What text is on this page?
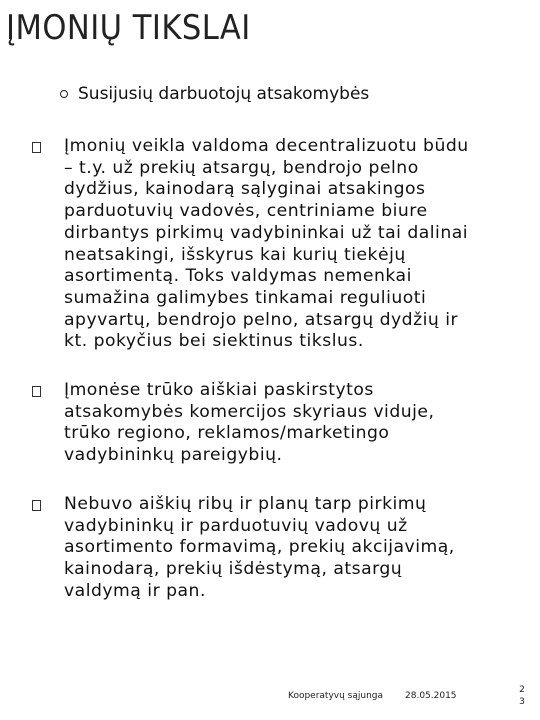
ĮMONIŲ TIKSLAI
Susijusių darbuotojų atsakomybės

Įmonių veikla valdoma decentralizuotu būdu
– t.y. už prekių atsargų, bendrojo pelno
dydžius, kainodarą sąlyginai atsakingos
parduotuvių vadovės, centriniame biure
dirbantys pirkimų vadybininkai už tai dalinai
neatsakingi, išskyrus kai kurių tiekėjų
asortimentą. Toks valdymas nemenkai
sumažina galimybes tinkamai reguliuoti
apyvartų, bendrojo pelno, atsargų dydžių ir
kt. pokyčius bei siektinus tikslus.

Įmonėse trūko aiškiai paskirstytos
atsakomybės komercijos skyriaus viduje,
trūko regiono, reklamos/marketingo
vadybininkų pareigybių.

Nebuvo aiškių ribų ir planų tarp pirkimų
vadybininkų ir parduotuvių vadovų už
asortimento formavimą, prekių akcijavimą,
kainodarą, prekių išdėstymą, atsargų
valdymą ir pan.

Kooperatyvų sąjunga 28.05.2015
2
3
